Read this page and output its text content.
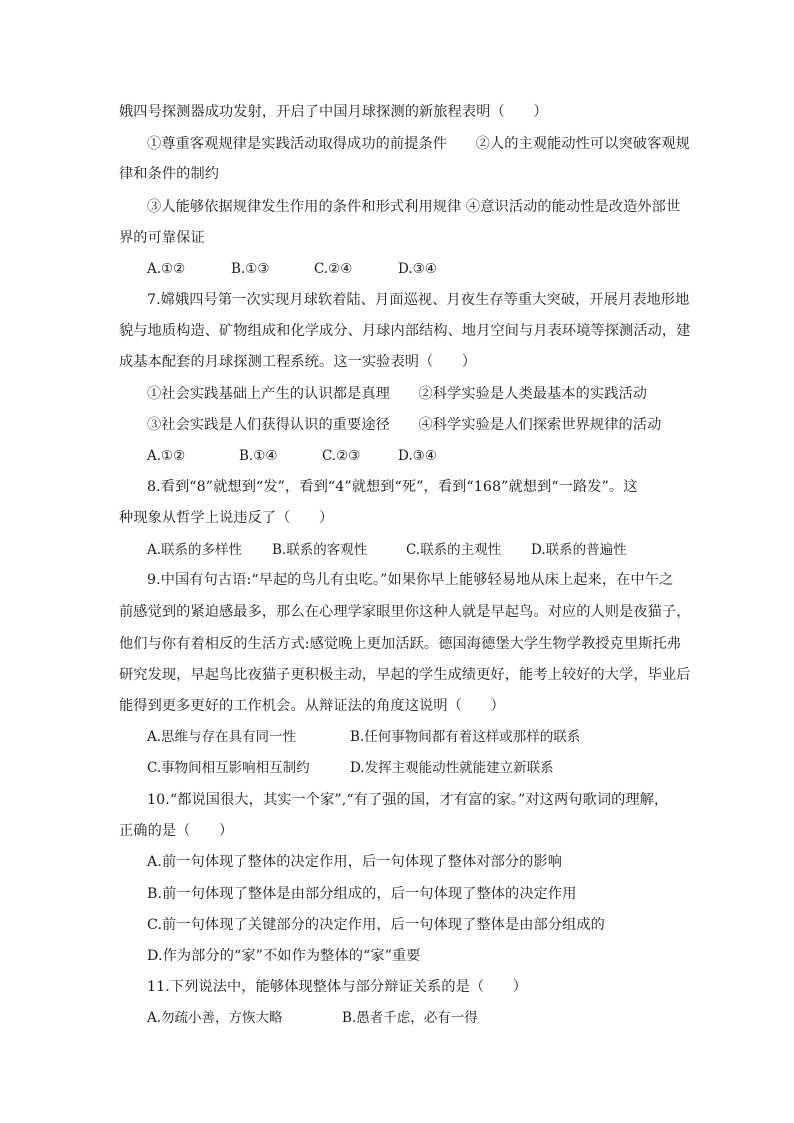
娥四号探测器成功发射，开启了中国月球探测的新旅程表明（　　）
①尊重客观规律是实践活动取得成功的前提条件　　②人的主观能动性可以突破客观规
律和条件的制约
③人能够依据规律发生作用的条件和形式利用规律 ④意识活动的能动性是改造外部世
界的可靠保证
A.①②	B.①③	C.②④	D.③④
7.嫦娥四号第一次实现月球软着陆、月面巡视、月夜生存等重大突破，开展月表地形地
貌与地质构造、矿物组成和化学成分、月球内部结构、地月空间与月表环境等探测活动，建
成基本配套的月球探测工程系统。这一实验表明（　　）
①社会实践基础上产生的认识都是真理　　②科学实验是人类最基本的实践活动
③社会实践是人们获得认识的重要途径　　④科学实验是人们探索世界规律的活动
A.①②	B.①④	C.②③	D.③④
8.看到“8”就想到“发”，看到“4”就想到“死”，看到“168”就想到“一路发”。这
种现象从哲学上说违反了（　　）
A.联系的多样性 B.联系的客观性	C.联系的主观性 D.联系的普遍性
9.中国有句古语:“早起的鸟儿有虫吃。”如果你早上能够轻易地从床上起来，在中午之
前感觉到的紧迫感最多，那么在心理学家眼里你这种人就是早起鸟。对应的人则是夜猫子，
他们与你有着相反的生活方式:感觉晚上更加活跃。德国海德堡大学生物学教授克里斯托弗
研究发现，早起鸟比夜猫子更积极主动，早起的学生成绩更好，能考上较好的大学，毕业后
能得到更多更好的工作机会。从辩证法的角度这说明（　　）
A.思维与存在具有同一性	B.任何事物间都有着这样或那样的联系
C.事物间相互影响相互制约	D.发挥主观能动性就能建立新联系
10.“都说国很大，其实一个家”,“有了强的国，才有富的家。”对这两句歌词的理解，
正确的是（　　）
A.前一句体现了整体的决定作用，后一句体现了整体对部分的影响
B.前一句体现了整体是由部分组成的，后一句体现了整体的决定作用
C.前一句体现了关键部分的决定作用，后一句体现了整体是由部分组成的
D.作为部分的“家”不如作为整体的“家”重要
11.下列说法中，能够体现整体与部分辩证关系的是（　　）
A.勿疏小善，方恢大略	B.愚者千虑，必有一得
